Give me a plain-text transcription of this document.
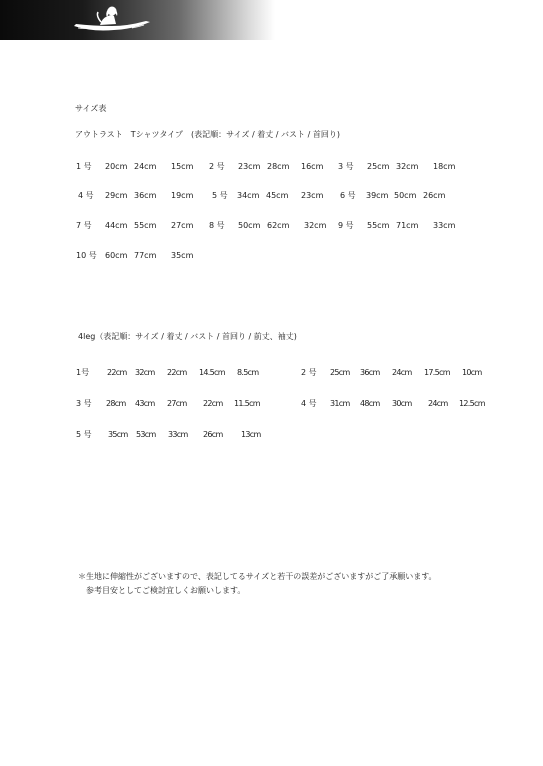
サイズ表
アウトラスト　Tシャツタイプ　(表記順：サイズ / 着丈 / バスト / 首回り)
1 号 20cm 24cm 15cm 2 号 23cm 28cm 16cm 3 号 25cm 32cm 18cm
4 号 29cm 36cm 19cm 5 号 34cm 45cm 23cm 6 号 39cm 50cm 26cm
7 号 44cm 55cm 27cm 8 号 50cm 62cm 32cm 9 号 55cm 71cm 33cm
10 号 60cm 77cm 35cm
4leg（表記順：サイズ / 着丈 / バスト / 首回り / 前丈、袖丈)
1号 22cm 32cm 22cm 14.5cm 8.5cm	2 号 25cm 36cm 24cm 17.5cm 10cm
3 号 28cm 43cm 27cm 22cm 11.5cm	4 号 31cm 48cm 30cm 24cm 12.5cm
5 号 35cm 53cm 33cm 26cm 13cm
＊生地に伸縮性がございますので、表記してるサイズと若干の誤差がございますがご了承願います。
参考目安としてご検討宜しくお願いします。
